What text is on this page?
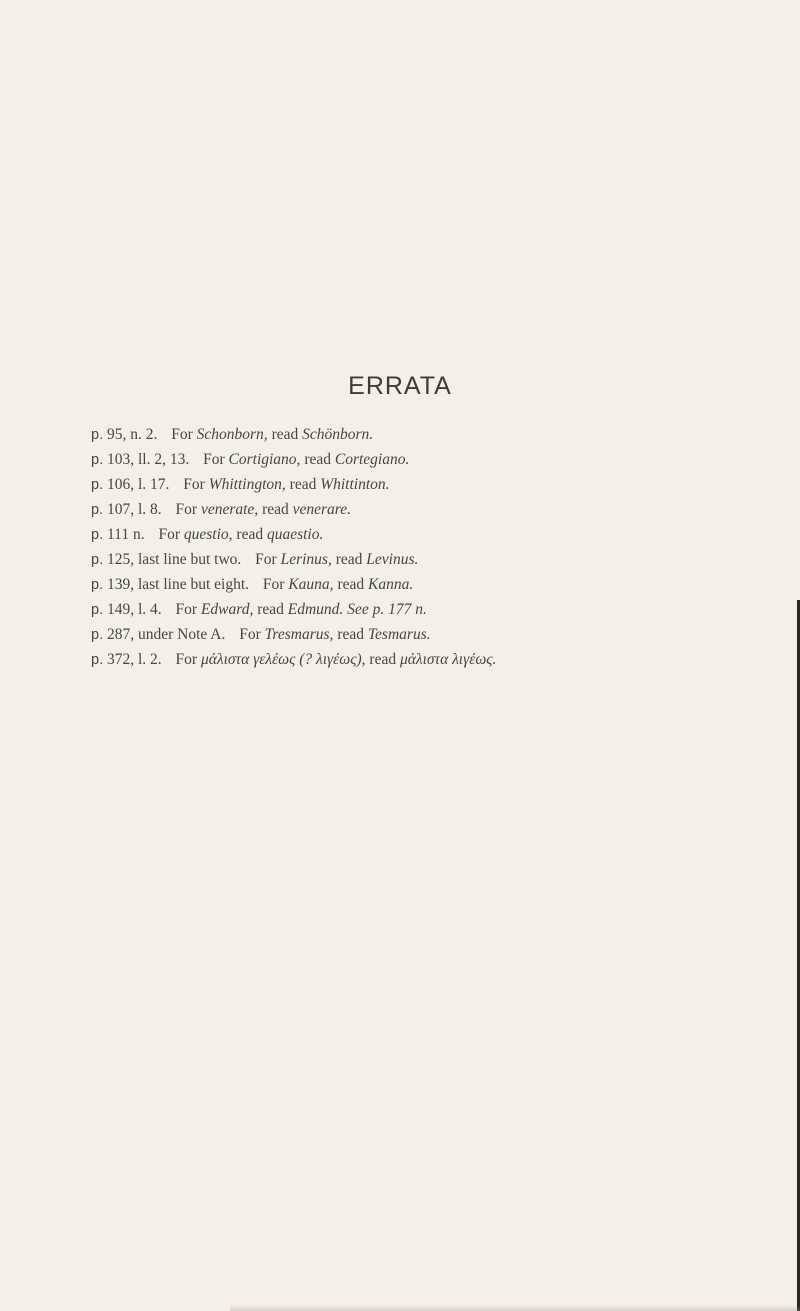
ERRATA
p. 95, n. 2. For Schonborn, read Schönborn.
p. 103, ll. 2, 13. For Cortigiano, read Cortegiano.
p. 106, l. 17. For Whittington, read Whittinton.
p. 107, l. 8. For venerate, read venerare.
p. 111 n. For questio, read quaestio.
p. 125, last line but two. For Lerinus, read Levinus.
p. 139, last line but eight. For Kauna, read Kanna.
p. 149, l. 4. For Edward, read Edmund. See p. 177 n.
p. 287, under Note A. For Tresmarus, read Tesmarus.
p. 372, l. 2. For μάλιστα γελέως (? λιγέως), read μάλιστα λιγέως.
